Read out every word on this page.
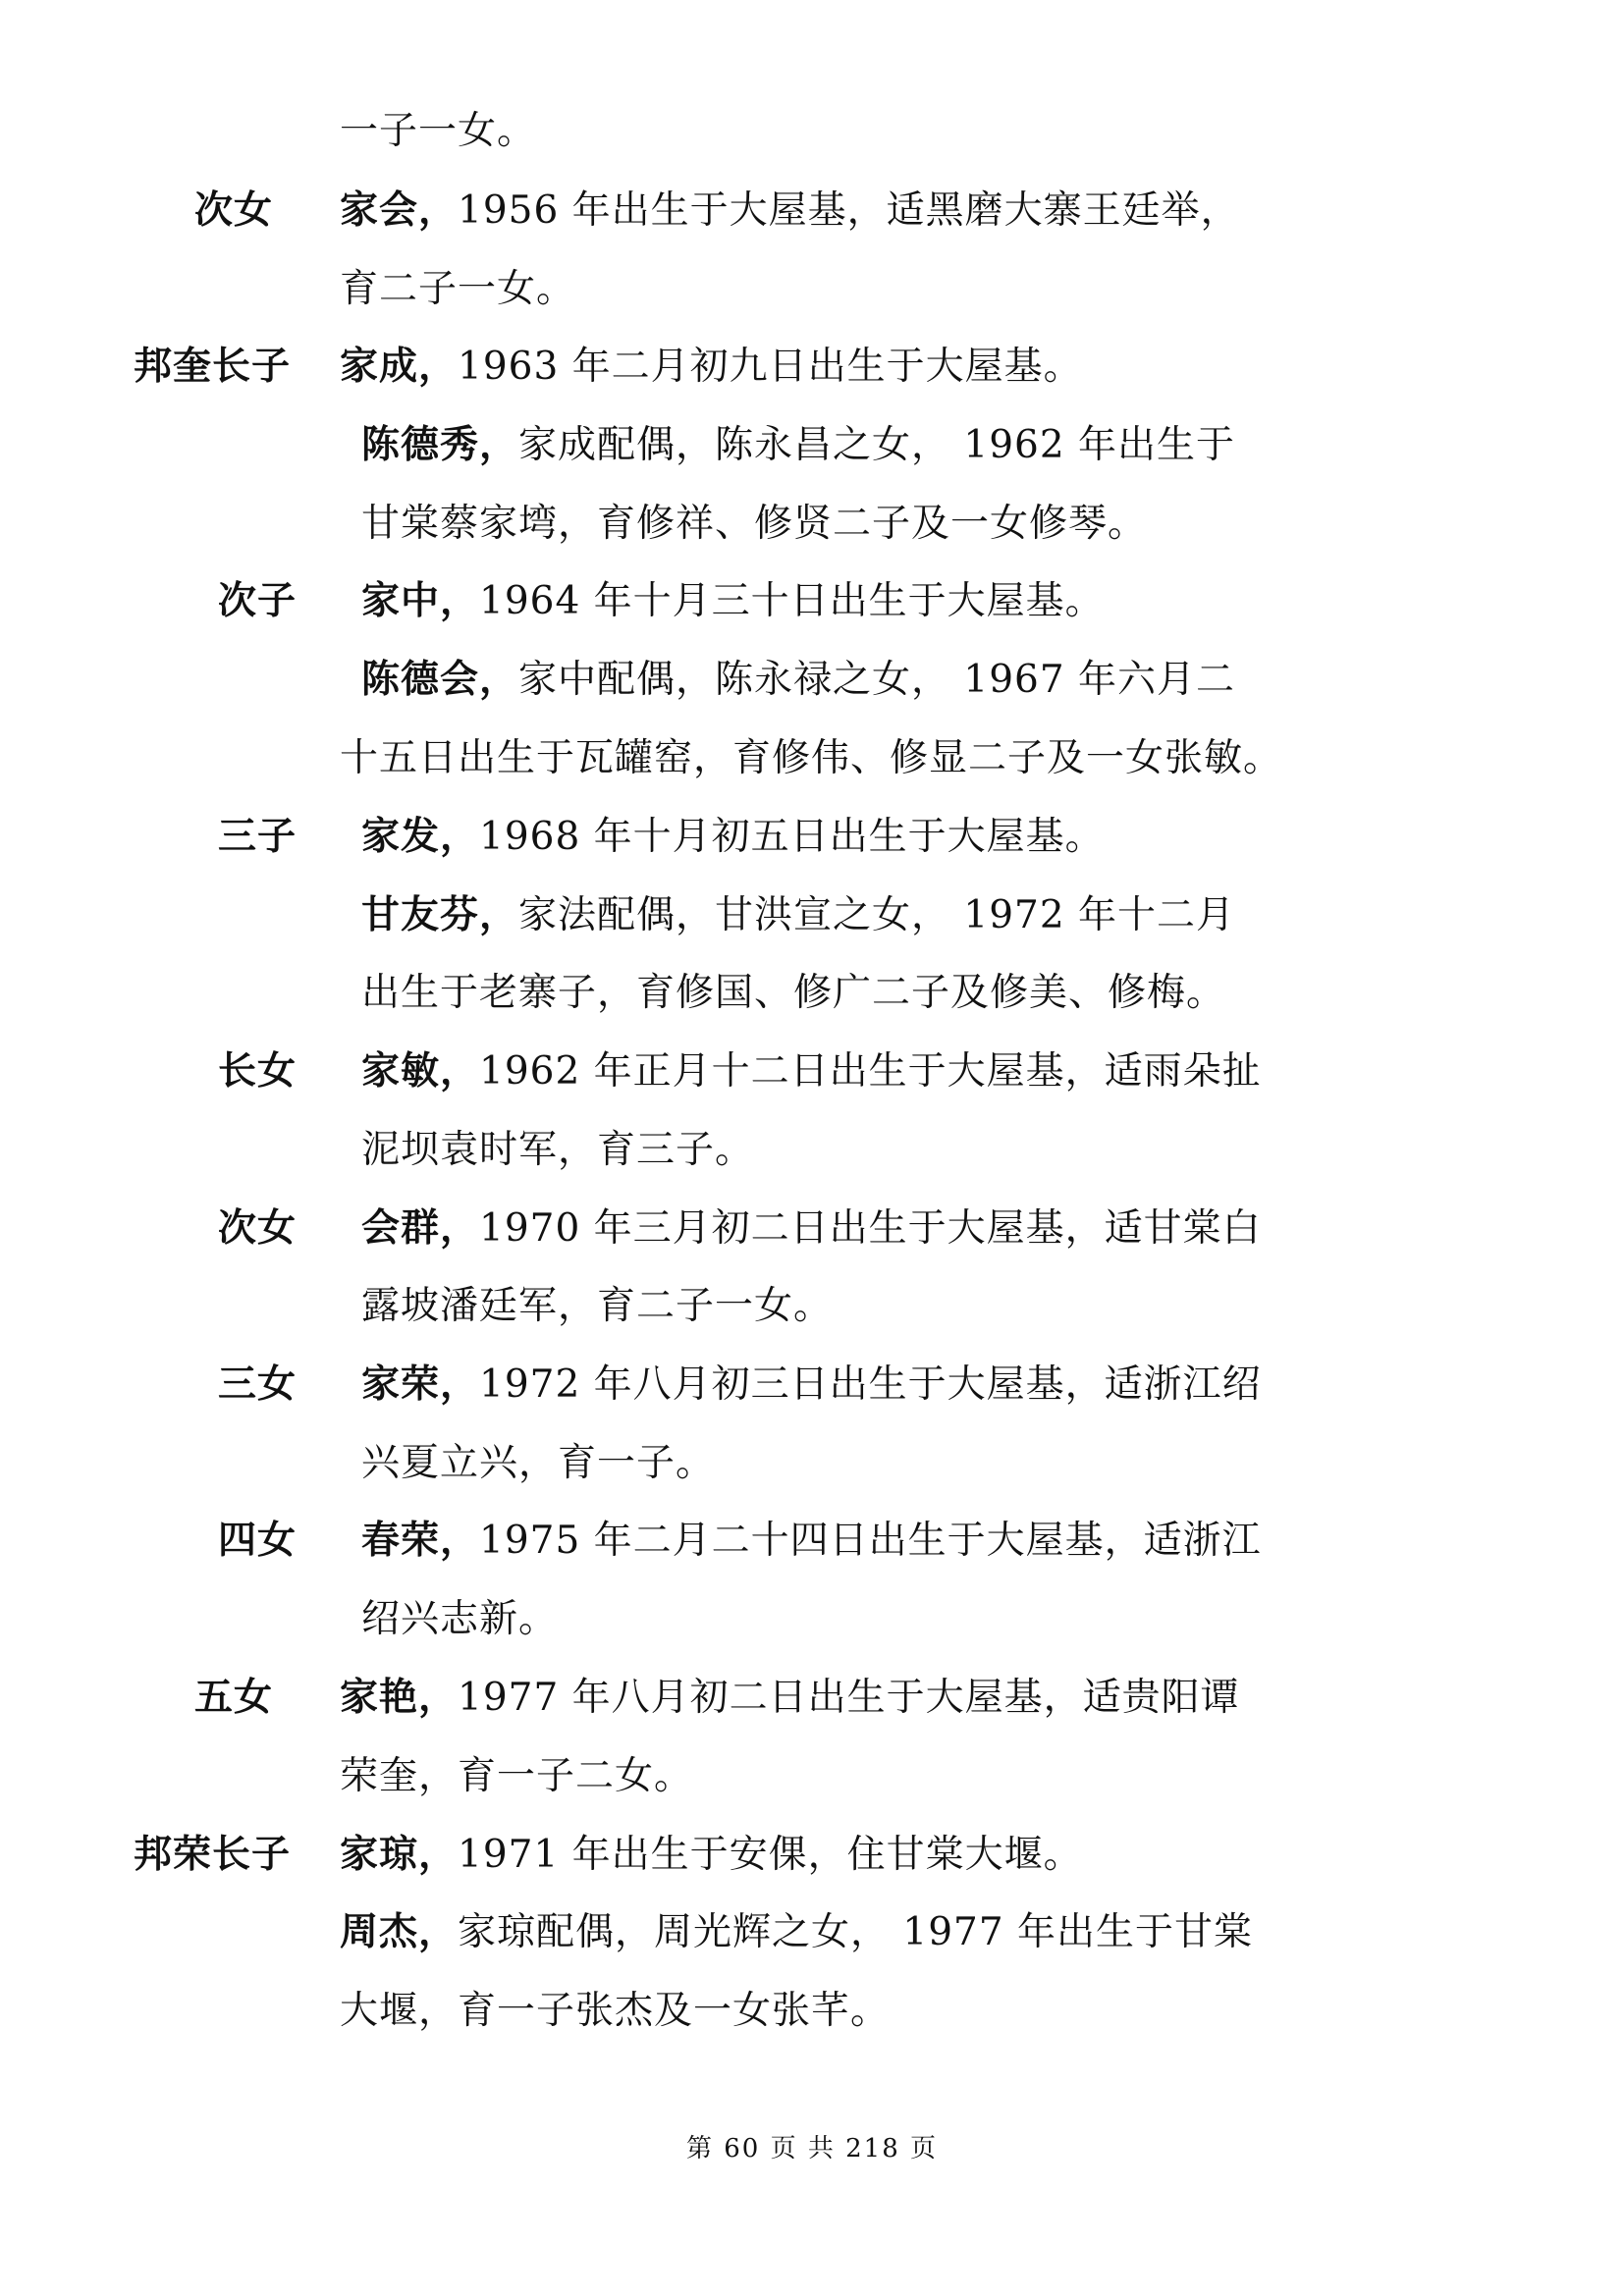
一子一女。
次女 家会，1956 年出生于大屋基，适黑磨大寨王廷举，
育二子一女。
邦奎长子 家成，1963 年二月初九日出生于大屋基。
陈德秀，家成配偶，陈永昌之女， 1962 年出生于
甘棠蔡家塆，育修祥、修贤二子及一女修琴。
次子 家中，1964 年十月三十日出生于大屋基。
陈德会，家中配偶，陈永禄之女， 1967 年六月二
十五日出生于瓦罐窑，育修伟、修显二子及一女张敏。
三子 家发，1968 年十月初五日出生于大屋基。
甘友芬，家法配偶，甘洪宣之女， 1972 年十二月
出生于老寨子，育修国、修广二子及修美、修梅。
长女 家敏，1962 年正月十二日出生于大屋基，适雨朵扯
泥坝袁时军，育三子。
次女 会群，1970 年三月初二日出生于大屋基，适甘棠白
露坡潘廷军，育二子一女。
三女 家荣，1972 年八月初三日出生于大屋基，适浙江绍
兴夏立兴，育一子。
四女 春荣，1975 年二月二十四日出生于大屋基，适浙江
绍兴志新。
五女 家艳，1977 年八月初二日出生于大屋基，适贵阳谭
荣奎，育一子二女。
邦荣长子 家琼，1971 年出生于安倮，住甘棠大堰。
周杰，家琼配偶，周光辉之女， 1977 年出生于甘棠
大堰，育一子张杰及一女张芊。
第 60 页 共 218 页
